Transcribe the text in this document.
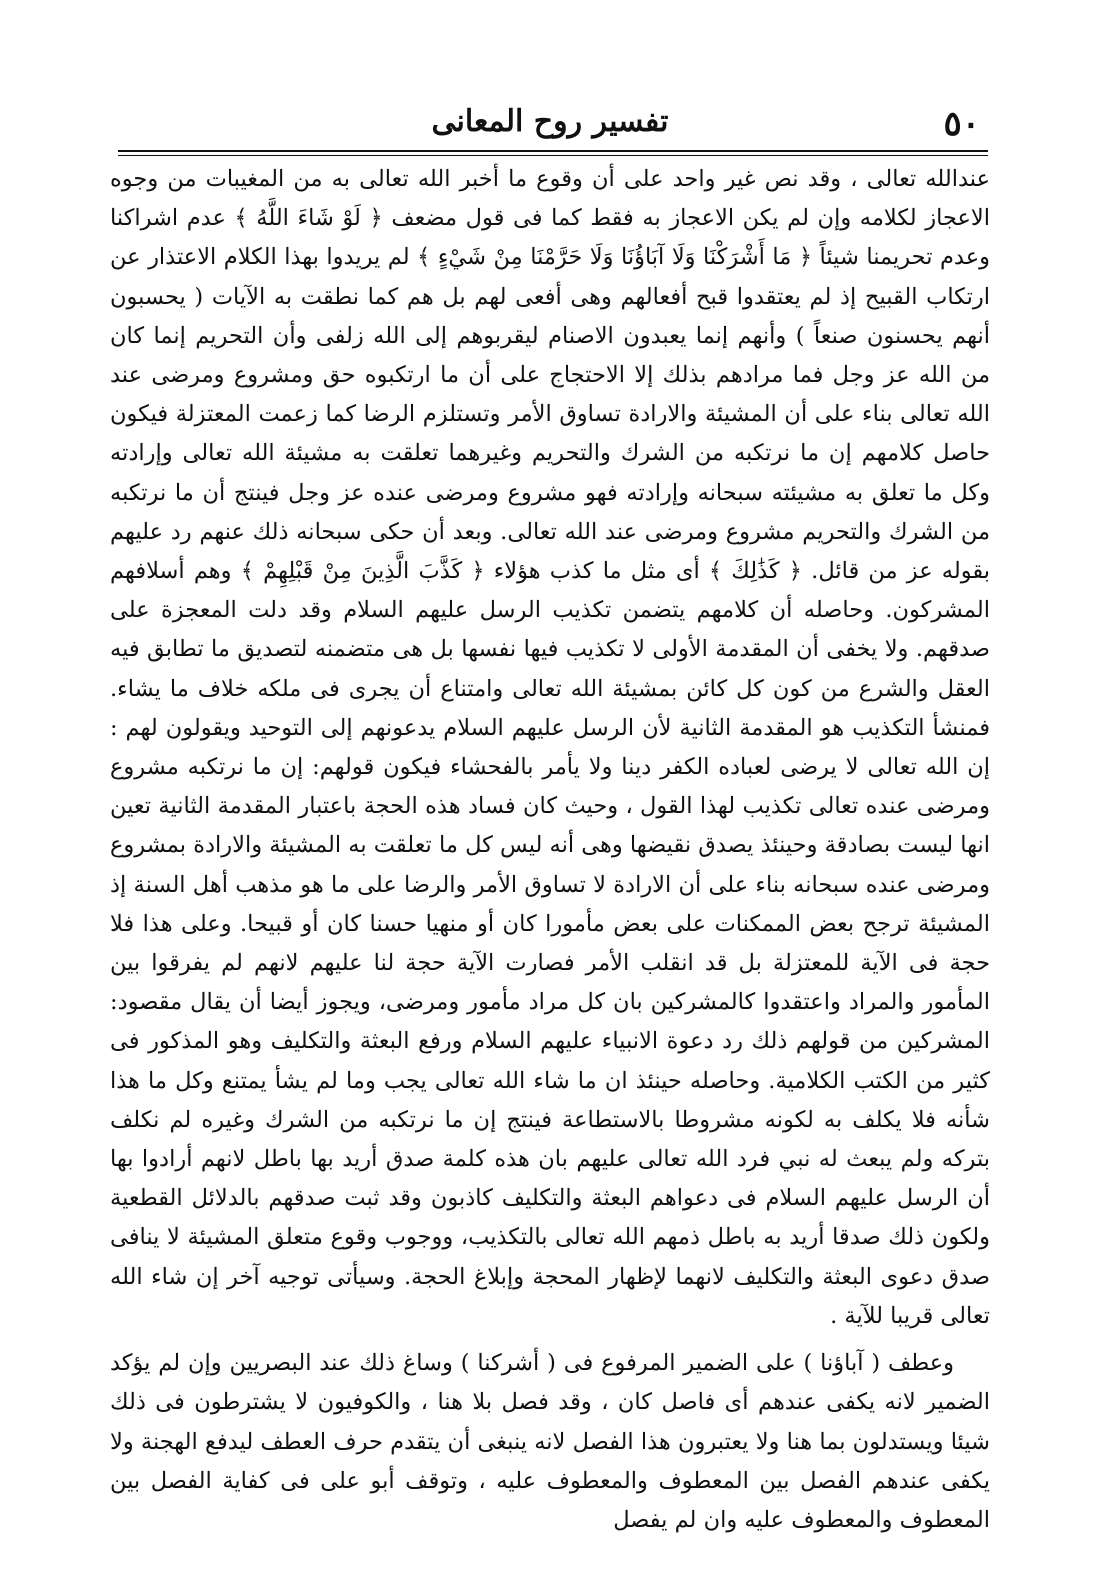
٥٠
تفسير روح المعانى

عندالله تعالى ، وقد نص غير واحد على أن وقوع ما أخبر الله تعالى به من المغيبات من وجوه الاعجاز لكلامه وإن لم يكن الاعجاز به فقط كما فى قول مضعف ﴿ لَوْ شَاءَ اللَّهُ ﴾ عدم اشراكنا وعدم تحريمنا شيئاً ﴿ مَا أَشْرَكْنَا وَلَا آبَاؤُنَا وَلَا حَرَّمْنَا مِنْ شَيْءٍ ﴾ لم يريدوا بهذا الكلام الاعتذار عن ارتكاب القبيح إذ لم يعتقدوا قبح أفعالهم وهى أفعى لهم بل هم كما نطقت به الآيات ( يحسبون أنهم يحسنون صنعاً ) وأنهم إنما يعبدون الاصنام ليقربوهم إلى الله زلفى وأن التحريم إنما كان من الله عز وجل فما مرادهم بذلك إلا الاحتجاج على أن ما ارتكبوه حق ومشروع ومرضى عند الله تعالى بناء على أن المشيئة والارادة تساوق الأمر وتستلزم الرضا كما زعمت المعتزلة فيكون حاصل كلامهم إن ما نرتكبه من الشرك والتحريم وغيرهما تعلقت به مشيئة الله تعالى وإرادته وكل ما تعلق به مشيئته سبحانه وإرادته فهو مشروع ومرضى عنده عز وجل فينتج أن ما نرتكبه من الشرك والتحريم مشروع ومرضى عند الله تعالى. وبعد أن حكى سبحانه ذلك عنهم رد عليهم بقوله عز من قائل. ﴿ كَذَٰلِكَ ﴾ أى مثل ما كذب هؤلاء ﴿ كَذَّبَ الَّذِينَ مِنْ قَبْلِهِمْ ﴾ وهم أسلافهم المشركون. وحاصله أن كلامهم يتضمن تكذيب الرسل عليهم السلام وقد دلت المعجزة على صدقهم. ولا يخفى أن المقدمة الأولى لا تكذيب فيها نفسها بل هى متضمنه لتصديق ما تطابق فيه العقل والشرع من كون كل كائن بمشيئة الله تعالى وامتناع أن يجرى فى ملكه خلاف ما يشاء. فمنشأ التكذيب هو المقدمة الثانية لأن الرسل عليهم السلام يدعونهم إلى التوحيد ويقولون لهم : إن الله تعالى لا يرضى لعباده الكفر دينا ولا يأمر بالفحشاء فيكون قولهم: إن ما نرتكبه مشروع ومرضى عنده تعالى تكذيب لهذا القول ، وحيث كان فساد هذه الحجة باعتبار المقدمة الثانية تعين انها ليست بصادقة وحينئذ يصدق نقيضها وهى أنه ليس كل ما تعلقت به المشيئة والارادة بمشروع ومرضى عنده سبحانه بناء على أن الارادة لا تساوق الأمر والرضا على ما هو مذهب أهل السنة إذ المشيئة ترجح بعض الممكنات على بعض مأمورا كان أو منهيا حسنا كان أو قبيحا. وعلى هذا فلا حجة فى الآية للمعتزلة بل قد انقلب الأمر فصارت الآية حجة لنا عليهم لانهم لم يفرقوا بين المأمور والمراد واعتقدوا كالمشركين بان كل مراد مأمور ومرضى، ويجوز أيضا أن يقال مقصود: المشركين من قولهم ذلك رد دعوة الانبياء عليهم السلام ورفع البعثة والتكليف وهو المذكور فى كثير من الكتب الكلامية. وحاصله حينئذ ان ما شاء الله تعالى يجب وما لم يشأ يمتنع وكل ما هذا شأنه فلا يكلف به لكونه مشروطا بالاستطاعة فينتج إن ما نرتكبه من الشرك وغيره لم نكلف بتركه ولم يبعث له نبي فرد الله تعالى عليهم بان هذه كلمة صدق أريد بها باطل لانهم أرادوا بها أن الرسل عليهم السلام فى دعواهم البعثة والتكليف كاذبون وقد ثبت صدقهم بالدلائل القطعية ولكون ذلك صدقا أريد به باطل ذمهم الله تعالى بالتكذيب، ووجوب وقوع متعلق المشيئة لا ينافى صدق دعوى البعثة والتكليف لانهما لإظهار المحجة وإبلاغ الحجة. وسيأتى توجيه آخر إن شاء الله تعالى قريبا للآية .

وعطف ( آباؤنا ) على الضمير المرفوع فى ( أشركنا ) وساغ ذلك عند البصريين وإن لم يؤكد الضمير لانه يكفى عندهم أى فاصل كان ، وقد فصل بلا هنا ، والكوفيون لا يشترطون فى ذلك شيئا ويستدلون بما هنا ولا يعتبرون هذا الفصل لانه ينبغى أن يتقدم حرف العطف ليدفع الهجنة ولا يكفى عندهم الفصل بين المعطوف والمعطوف عليه ، وتوقف أبو على فى كفاية الفصل بين المعطوف والمعطوف عليه وان لم يفصل
